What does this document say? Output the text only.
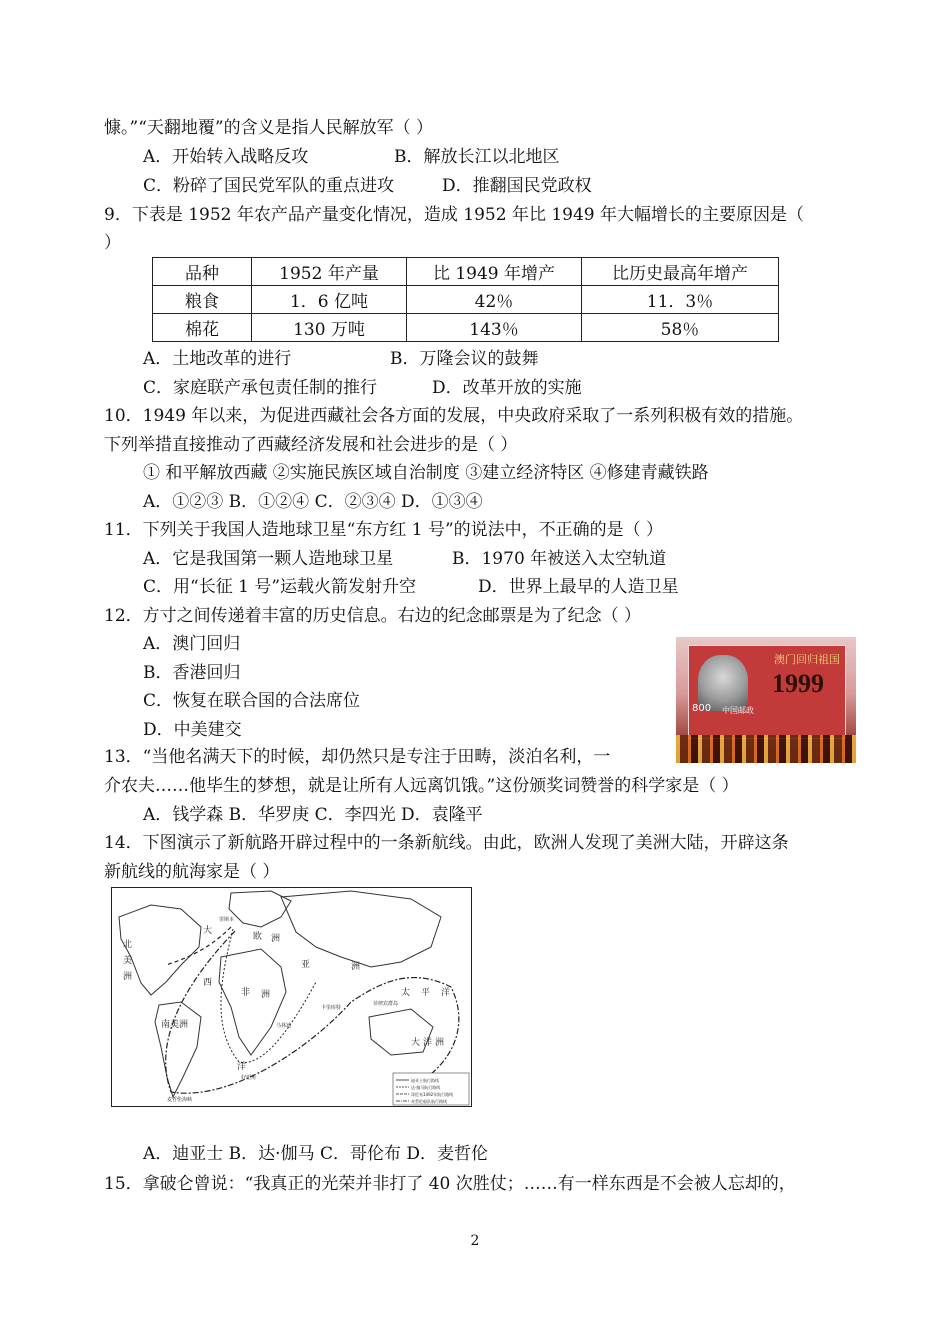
慷。”“天翻地覆”的含义是指人民解放军（ ）
A．开始转入战略反攻	B．解放长江以北地区
C．粉碎了国民党军队的重点进攻	D．推翻国民党政权
9．下表是 1952 年农产品产量变化情况，造成 1952 年比 1949 年大幅增长的主要原因是（
）
品种	1952 年产量	比 1949 年增产	比历史最高年增产
粮食	1．6 亿吨	42％	11．3％
棉花	130 万吨	143％	58％
A．土地改革的进行	B．万隆会议的鼓舞
C．家庭联产承包责任制的推行	D．改革开放的实施
10．1949 年以来，为促进西藏社会各方面的发展，中央政府采取了一系列积极有效的措施。
下列举措直接推动了西藏经济发展和社会进步的是（ ）
① 和平解放西藏 ②实施民族区域自治制度 ③建立经济特区 ④修建青藏铁路
A．①②③ B．①②④ C．②③④ D．①③④
11．下列关于我国人造地球卫星“东方红 1 号”的说法中，不正确的是（ ）
A．它是我国第一颗人造地球卫星	B．1970 年被送入太空轨道
C．用“长征 1 号”运载火箭发射升空	D．世界上最早的人造卫星
12．方寸之间传递着丰富的历史信息。右边的纪念邮票是为了纪念（ ）
A．澳门回归
B．香港回归
C．恢复在联合国的合法席位
D．中美建交
澳门回归祖国
1999
800 中国邮政
13．“当他名满天下的时候，却仍然只是专注于田畴，淡泊名利，一
介农夫……他毕生的梦想，就是让所有人远离饥饿。”这份颁奖词赞誉的科学家是（ ）
A．钱学森 B．华罗庚 C．李四光 D．袁隆平
14．下图演示了新航路开辟过程中的一条新航线。由此，欧洲人发现了美洲大陆，开辟这条
新航线的航海家是（ ）
北
美
洲
大
欧 洲
亚	洲
西
非 洲
南美洲
太 平 洋
大 洋 洲
洋
菲律宾群岛
卡里库特
马林迪
好望角
麦哲伦海峡
里斯本
迪亚士航行路线
达·伽马航行路线
哥伦布1492年航行路线
麦哲伦船队航行路线
A．迪亚士 B．达·伽马 C．哥伦布 D．麦哲伦
15．拿破仑曾说：“我真正的光荣并非打了 40 次胜仗；……有一样东西是不会被人忘却的，
2
